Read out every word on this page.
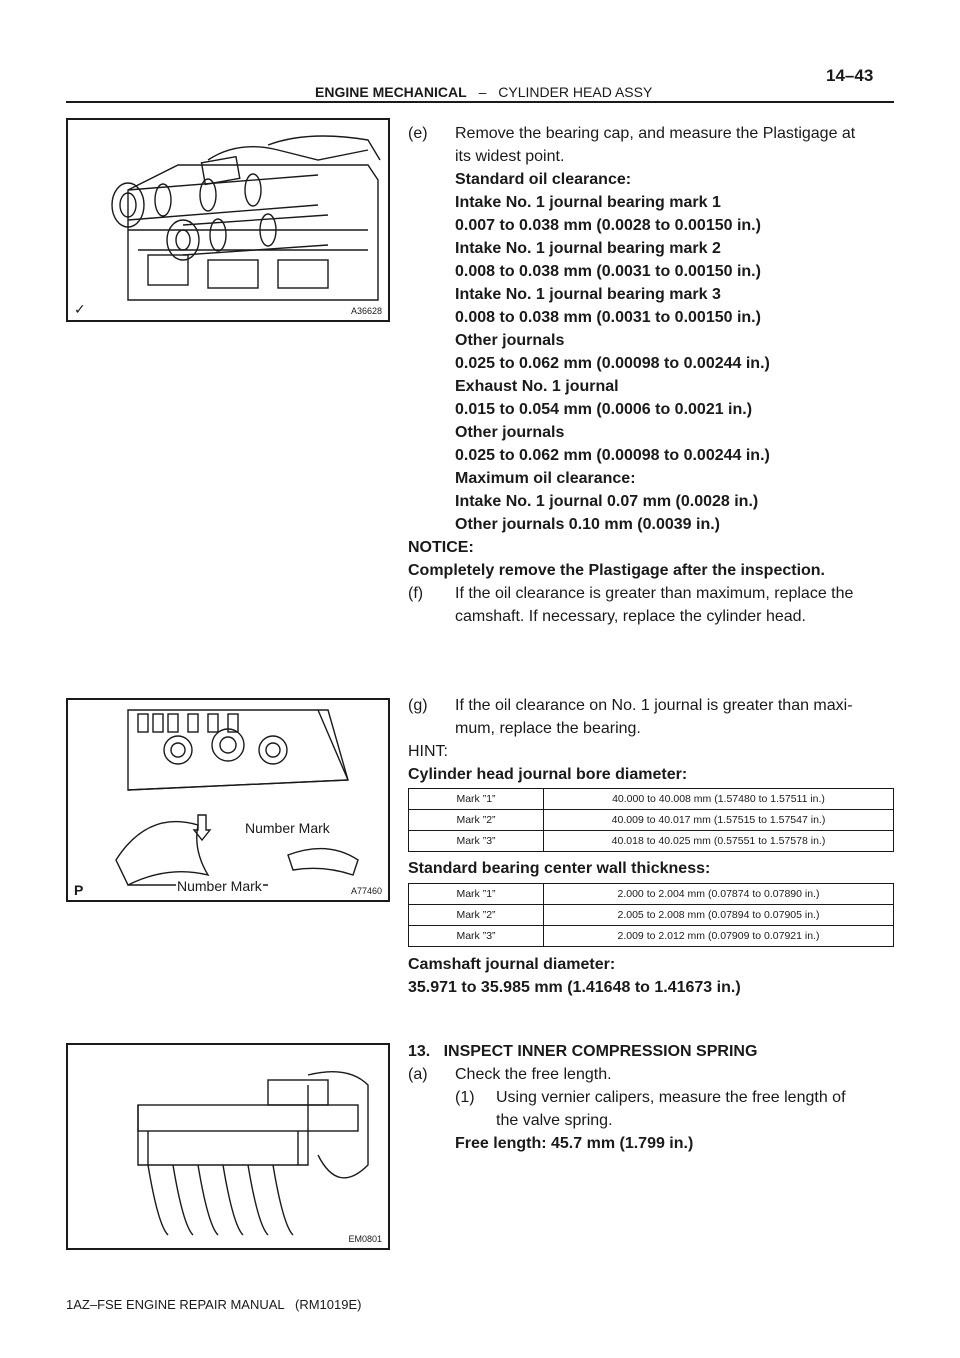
14–43
ENGINE MECHANICAL – CYLINDER HEAD ASSY
✓	A36628
Number Mark
Number Mark
P	A77460
EM0801
(e) Remove the bearing cap, and measure the Plastigage at
its widest point.
Standard oil clearance:
Intake No. 1 journal bearing mark 1
0.007 to 0.038 mm (0.0028 to 0.00150 in.)
Intake No. 1 journal bearing mark 2
0.008 to 0.038 mm (0.0031 to 0.00150 in.)
Intake No. 1 journal bearing mark 3
0.008 to 0.038 mm (0.0031 to 0.00150 in.)
Other journals
0.025 to 0.062 mm (0.00098 to 0.00244 in.)
Exhaust No. 1 journal
0.015 to 0.054 mm (0.0006 to 0.0021 in.)
Other journals
0.025 to 0.062 mm (0.00098 to 0.00244 in.)
Maximum oil clearance:
Intake No. 1 journal 0.07 mm (0.0028 in.)
Other journals 0.10 mm (0.0039 in.)
NOTICE:
Completely remove the Plastigage after the inspection.
(f) If the oil clearance is greater than maximum, replace the
camshaft. If necessary, replace the cylinder head.
(g) If the oil clearance on No. 1 journal is greater than maxi-
mum, replace the bearing.
HINT:
Cylinder head journal bore diameter:
Mark ”1”	40.000 to 40.008 mm (1.57480 to 1.57511 in.)
Mark ”2”	40.009 to 40.017 mm (1.57515 to 1.57547 in.)
Mark ”3”	40.018 to 40.025 mm (0.57551 to 1.57578 in.)
Standard bearing center wall thickness:
Mark ”1”	2.000 to 2.004 mm (0.07874 to 0.07890 in.)
Mark ”2”	2.005 to 2.008 mm (0.07894 to 0.07905 in.)
Mark ”3”	2.009 to 2.012 mm (0.07909 to 0.07921 in.)
Camshaft journal diameter:
35.971 to 35.985 mm (1.41648 to 1.41673 in.)
13.   INSPECT INNER COMPRESSION SPRING
(a) Check the free length.
(1) Using vernier calipers, measure the free length of
the valve spring.
Free length: 45.7 mm (1.799 in.)
1AZ–FSE ENGINE REPAIR MANUAL   (RM1019E)
